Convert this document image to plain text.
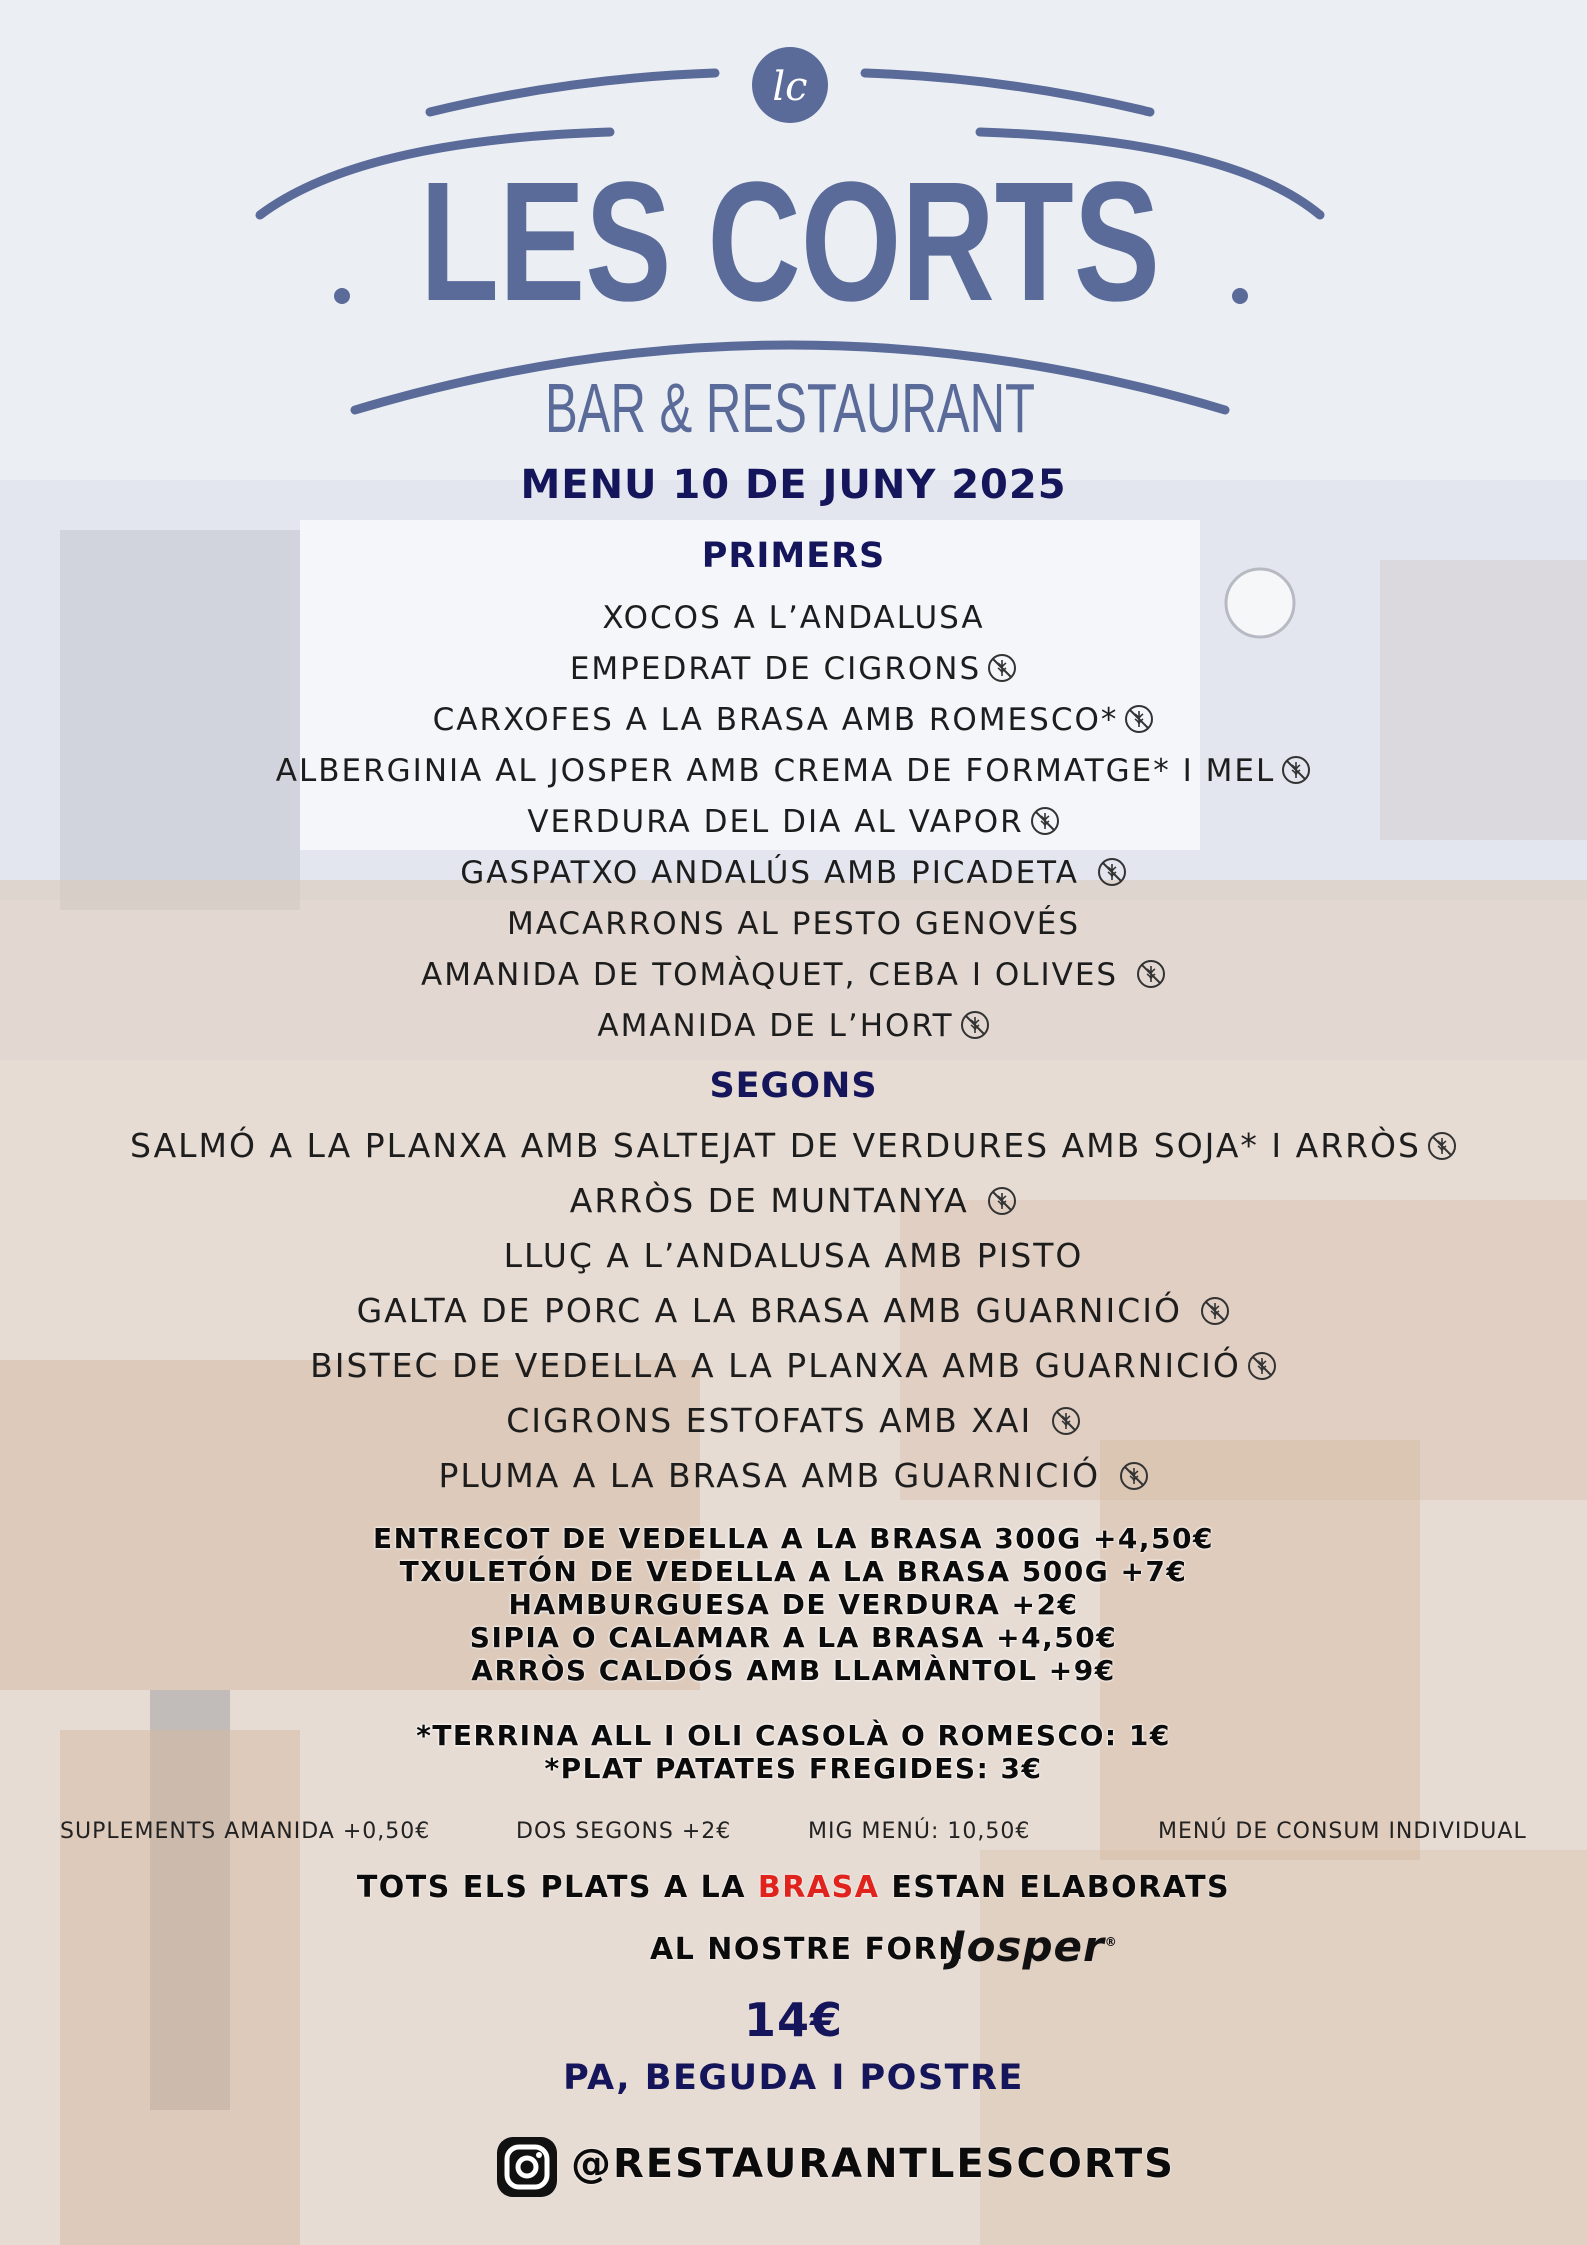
lc
LES CORTS
BAR & RESTAURANT
MENU 10 DE JUNY 2025
PRIMERS
XOCOS A L’ANDALUSA
EMPEDRAT DE CIGRONS
CARXOFES A LA BRASA AMB ROMESCO*
ALBERGINIA AL JOSPER AMB CREMA DE FORMATGE* I MEL
VERDURA DEL DIA AL VAPOR
GASPATXO ANDALÚS AMB PICADETA
MACARRONS AL PESTO GENOVÉS
AMANIDA DE TOMÀQUET, CEBA I OLIVES
AMANIDA DE L’HORT
SEGONS
SALMÓ A LA PLANXA AMB SALTEJAT DE VERDURES AMB SOJA* I ARRÒS
ARRÒS DE MUNTANYA
LLUÇ A L’ANDALUSA AMB PISTO
GALTA DE PORC A LA BRASA AMB GUARNICIÓ
BISTEC DE VEDELLA A LA PLANXA AMB GUARNICIÓ
CIGRONS ESTOFATS AMB XAI
PLUMA A LA BRASA AMB GUARNICIÓ
ENTRECOT DE VEDELLA A LA BRASA 300G +4,50€
TXULETÓN DE VEDELLA A LA BRASA 500G +7€
HAMBURGUESA DE VERDURA +2€
SIPIA O CALAMAR A LA BRASA +4,50€
ARRÒS CALDÓS AMB LLAMÀNTOL +9€
*TERRINA ALL I OLI CASOLÀ O ROMESCO: 1€
*PLAT PATATES FREGIDES: 3€
SUPLEMENTS AMANIDA +0,50€	DOS SEGONS +2€	MIG MENÚ: 10,50€	MENÚ DE CONSUM INDIVIDUAL
TOTS ELS PLATS A LA BRASA ESTAN ELABORATS
AL NOSTRE FORN
Josper®
14€
PA, BEGUDA I POSTRE
@RESTAURANTLESCORTS
